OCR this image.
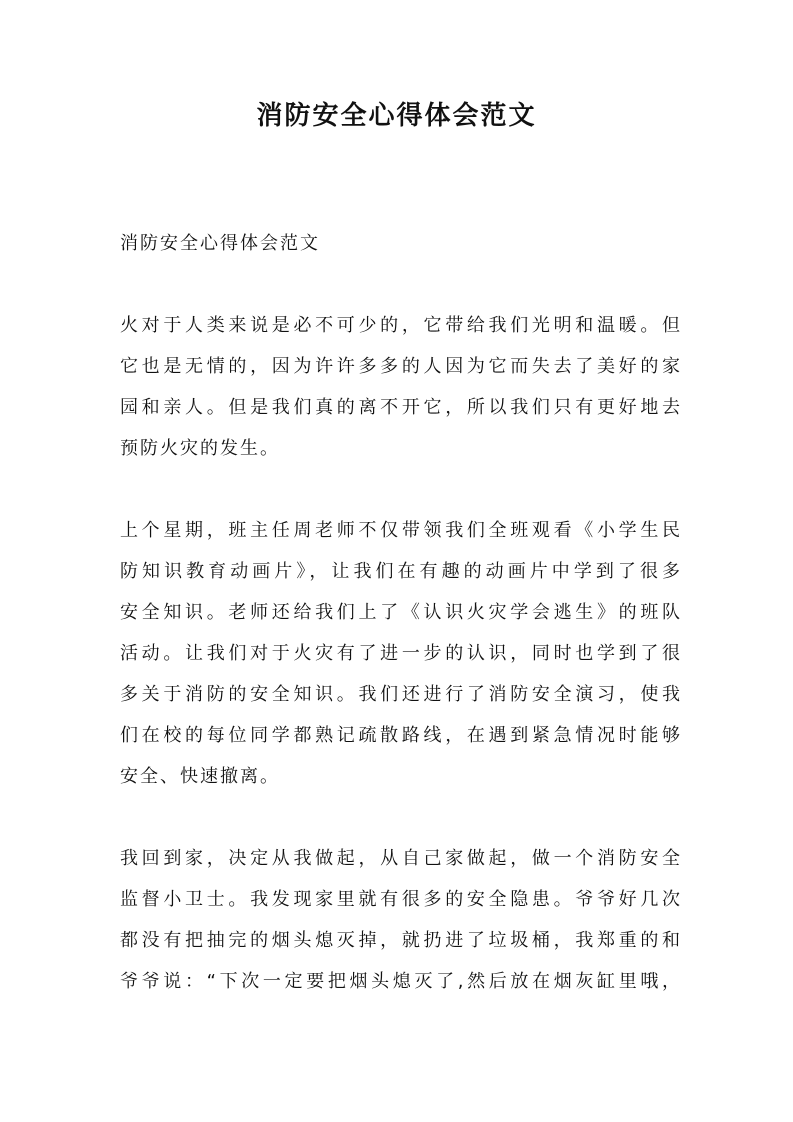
消防安全心得体会范文

消防安全心得体会范文

火对于人类来说是必不可少的，它带给我们光明和温暖。但

它也是无情的，因为许许多多的人因为它而失去了美好的家

园和亲人。但是我们真的离不开它，所以我们只有更好地去

预防火灾的发生。

上个星期，班主任周老师不仅带领我们全班观看《小学生民

防知识教育动画片》，让我们在有趣的动画片中学到了很多

安全知识。老师还给我们上了《认识火灾学会逃生》的班队

活动。让我们对于火灾有了进一步的认识，同时也学到了很

多关于消防的安全知识。我们还进行了消防安全演习，使我

们在校的每位同学都熟记疏散路线，在遇到紧急情况时能够

安全、快速撤离。

我回到家，决定从我做起，从自己家做起，做一个消防安全

监督小卫士。我发现家里就有很多的安全隐患。爷爷好几次

都没有把抽完的烟头熄灭掉，就扔进了垃圾桶，我郑重的和

爷爷说：“下次一定要把烟头熄灭了,然后放在烟灰缸里哦，
